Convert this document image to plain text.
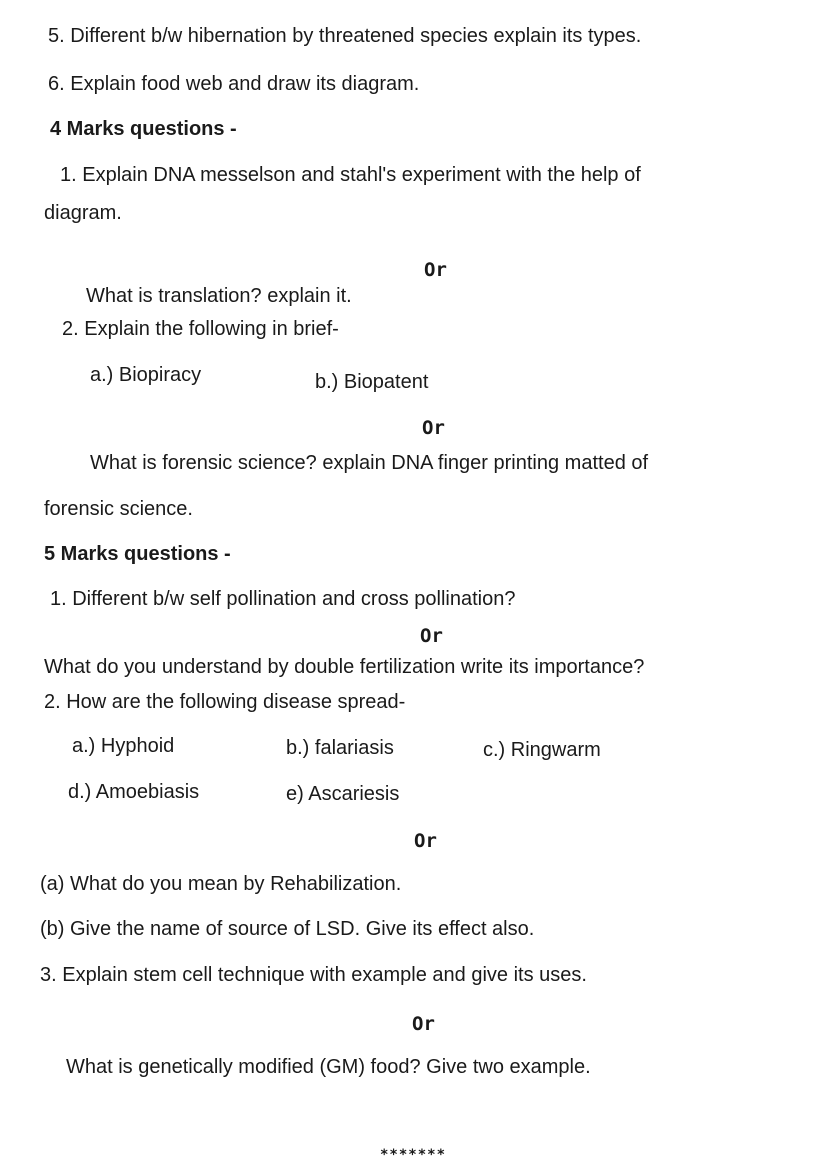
5. Different b/w hibernation by threatened species explain its types.
6. Explain food web and draw its diagram.
4 Marks questions -
1. Explain DNA messelson and stahl's experiment with the help of
diagram.
Or
What is translation? explain it.
2. Explain the following in brief-
a.) Biopiracy	b.) Biopatent
Or
What is forensic science? explain DNA finger printing matted of
forensic science.
5 Marks questions -
1. Different b/w self pollination and cross pollination?
Or
What do you understand by double fertilization write its importance?
2. How are the following disease spread-
a.) Hyphoid	b.) falariasis	c.) Ringwarm
d.) Amoebiasis	e) Ascariesis
Or
(a) What do you mean by Rehabilization.
(b) Give the name of source of LSD. Give its effect also.
3. Explain stem cell technique with example and give its uses.
Or
What is genetically modified (GM) food? Give two example.
*******
